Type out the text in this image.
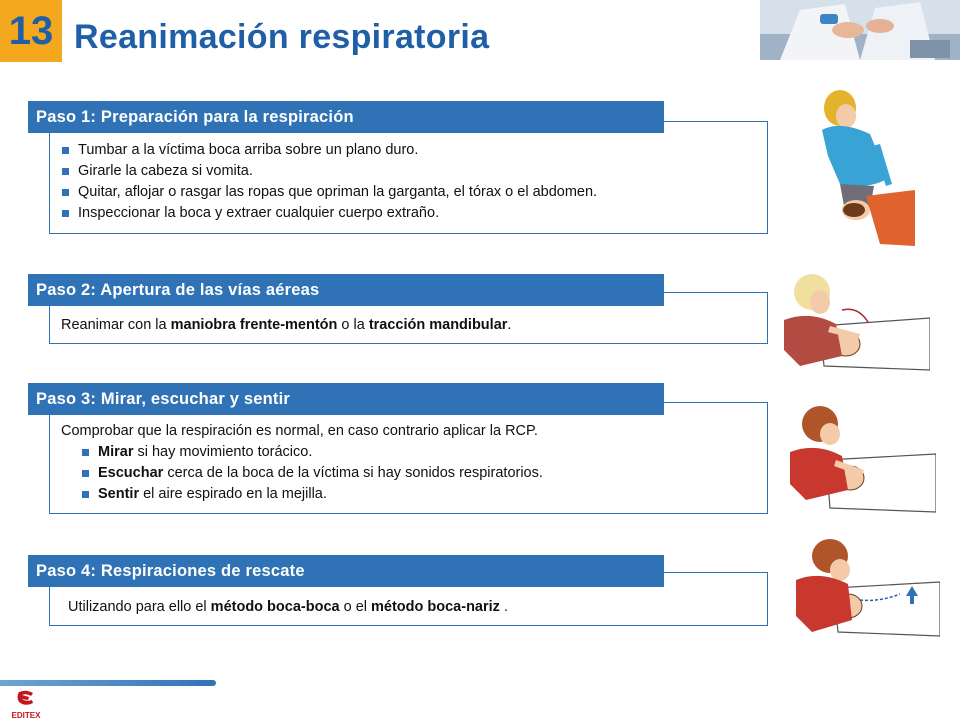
13 Reanimación respiratoria
Tumbar a la víctima boca arriba sobre un plano duro.
Girarle la cabeza si vomita.
Quitar, aflojar o rasgar las ropas que opriman la garganta, el tórax o el abdomen.
Inspeccionar la boca y extraer cualquier cuerpo extraño.
Paso 1: Preparación para la respiración

Reanimar con la maniobra frente-mentón o la tracción mandibular.

Paso 2: Apertura de las vías aéreas

Comprobar que la respiración es normal, en caso contrario aplicar la RCP.

Mirar si hay movimiento torácico.
Escuchar cerca de la boca de la víctima si hay sonidos respiratorios.
Sentir el aire espirado en la mejilla.
Paso 3: Mirar, escuchar y sentir

Utilizando para ello el método boca-boca o el método boca-nariz .

Paso 4: Respiraciones de rescate
EDITEX
